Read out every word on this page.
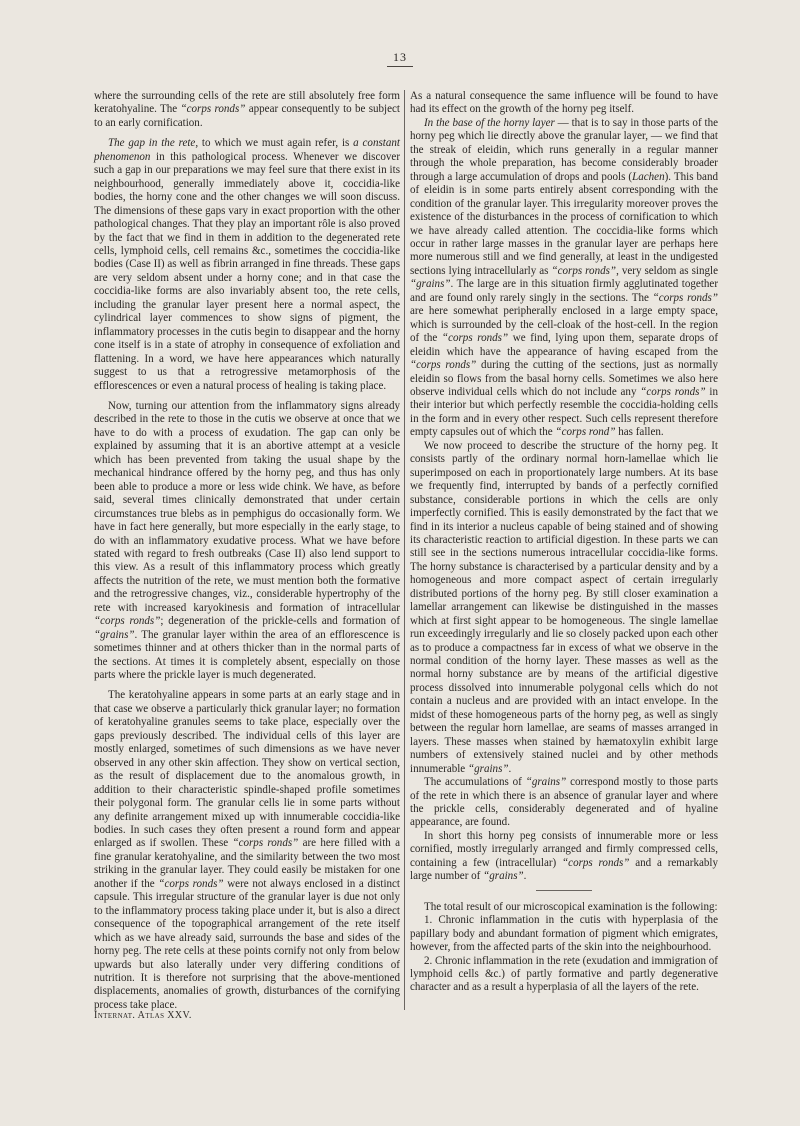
13

where the surrounding cells of the rete are still absolutely free form keratohyaline. The “corps ronds” appear consequently to be subject to an early cornification.

The gap in the rete, to which we must again refer, is a constant phenomenon in this pathological process. Whenever we discover such a gap in our preparations we may feel sure that there exist in its neighbourhood, generally immediately above it, coccidia-like bodies, the horny cone and the other changes we will soon discuss. The dimensions of these gaps vary in exact proportion with the other pathological changes. That they play an important rôle is also proved by the fact that we find in them in addition to the degenerated rete cells, lymphoid cells, cell remains &c., sometimes the coccidia-like bodies (Case II) as well as fibrin arranged in fine threads. These gaps are very seldom absent under a horny cone; and in that case the coccidia-like forms are also invariably absent too, the rete cells, including the granular layer present here a normal aspect, the cylindrical layer commences to show signs of pigment, the inflammatory processes in the cutis begin to disappear and the horny cone itself is in a state of atrophy in consequence of exfoliation and flattening. In a word, we have here appearances which naturally suggest to us that a retrogressive metamorphosis of the efflorescences or even a natural process of healing is taking place.

Now, turning our attention from the inflammatory signs already described in the rete to those in the cutis we observe at once that we have to do with a process of exudation. The gap can only be explained by assuming that it is an abortive attempt at a vesicle which has been prevented from taking the usual shape by the mechanical hindrance offered by the horny peg, and thus has only been able to produce a more or less wide chink. We have, as before said, several times clinically demonstrated that under certain circumstances true blebs as in pemphigus do occasionally form. We have in fact here generally, but more especially in the early stage, to do with an inflammatory exudative process. What we have before stated with regard to fresh outbreaks (Case II) also lend support to this view. As a result of this inflammatory process which greatly affects the nutrition of the rete, we must mention both the formative and the retrogressive changes, viz., considerable hypertrophy of the rete with increased karyokinesis and formation of intracellular “corps ronds”; degeneration of the prickle-cells and formation of “grains”. The granular layer within the area of an efflorescence is sometimes thinner and at others thicker than in the normal parts of the sections. At times it is completely absent, especially on those parts where the prickle layer is much degenerated.

The keratohyaline appears in some parts at an early stage and in that case we observe a particularly thick granular layer; no formation of keratohyaline granules seems to take place, especially over the gaps previously described. The individual cells of this layer are mostly enlarged, sometimes of such dimensions as we have never observed in any other skin affection. They show on vertical section, as the result of displacement due to the anomalous growth, in addition to their characteristic spindle-shaped profile sometimes their polygonal form. The granular cells lie in some parts without any definite arrangement mixed up with innumerable coccidia-like bodies. In such cases they often present a round form and appear enlarged as if swollen. These “corps ronds” are here filled with a fine granular keratohyaline, and the similarity between the two most striking in the granular layer. They could easily be mistaken for one another if the “corps ronds” were not always enclosed in a distinct capsule. This irregular structure of the granular layer is due not only to the inflammatory process taking place under it, but is also a direct consequence of the topographical arrangement of the rete itself which as we have already said, surrounds the base and sides of the horny peg. The rete cells at these points cornify not only from below upwards but also laterally under very differing conditions of nutrition. It is therefore not surprising that the above-mentioned displacements, anomalies of growth, disturbances of the cornifying process take place.

As a natural consequence the same influence will be found to have had its effect on the growth of the horny peg itself.

In the base of the horny layer — that is to say in those parts of the horny peg which lie directly above the granular layer, — we find that the streak of eleidin, which runs generally in a regular manner through the whole preparation, has become considerably broader through a large accumulation of drops and pools (Lachen). This band of eleidin is in some parts entirely absent corresponding with the condition of the granular layer. This irregularity moreover proves the existence of the disturbances in the process of cornification to which we have already called attention. The coccidia-like forms which occur in rather large masses in the granular layer are perhaps here more numerous still and we find generally, at least in the undigested sections lying intracellularly as “corps ronds”, very seldom as single “grains”. The large are in this situation firmly agglutinated together and are found only rarely singly in the sections. The “corps ronds” are here somewhat peripherally enclosed in a large empty space, which is surrounded by the cell-cloak of the host-cell. In the region of the “corps ronds” we find, lying upon them, separate drops of eleidin which have the appearance of having escaped from the “corps ronds” during the cutting of the sections, just as normally eleidin so flows from the basal horny cells. Sometimes we also here observe individual cells which do not include any “corps ronds” in their interior but which perfectly resemble the coccidia-holding cells in the form and in every other respect. Such cells represent therefore empty capsules out of which the “corps rond” has fallen.

We now proceed to describe the structure of the horny peg. It consists partly of the ordinary normal horn-lamellae which lie superimposed on each in proportionately large numbers. At its base we frequently find, interrupted by bands of a perfectly cornified substance, considerable portions in which the cells are only imperfectly cornified. This is easily demonstrated by the fact that we find in its interior a nucleus capable of being stained and of showing its characteristic reaction to artificial digestion. In these parts we can still see in the sections numerous intracellular coccidia-like forms. The horny substance is characterised by a particular density and by a homogeneous and more compact aspect of certain irregularly distributed portions of the horny peg. By still closer examination a lamellar arrangement can likewise be distinguished in the masses which at first sight appear to be homogeneous. The single lamellae run exceedingly irregularly and lie so closely packed upon each other as to produce a compactness far in excess of what we observe in the normal condition of the horny layer. These masses as well as the normal horny substance are by means of the artificial digestive process dissolved into innumerable polygonal cells which do not contain a nucleus and are provided with an intact envelope. In the midst of these homogeneous parts of the horny peg, as well as singly between the regular horn lamellae, are seams of masses arranged in layers. These masses when stained by hæmatoxylin exhibit large numbers of extensively stained nuclei and by other methods innumerable “grains”.

The accumulations of “grains” correspond mostly to those parts of the rete in which there is an absence of granular layer and where the prickle cells, considerably degenerated and of hyaline appearance, are found.

In short this horny peg consists of innumerable more or less cornified, mostly irregularly arranged and firmly compressed cells, containing a few (intracellular) “corps ronds” and a remarkably large number of “grains”.

The total result of our microscopical examination is the following:

1. Chronic inflammation in the cutis with hyperplasia of the papillary body and abundant formation of pigment which emigrates, however, from the affected parts of the skin into the neighbourhood.

2. Chronic inflammation in the rete (exudation and immigration of lymphoid cells &c.) of partly formative and partly degenerative character and as a result a hyperplasia of all the layers of the rete.

Internat. Atlas XXV.
